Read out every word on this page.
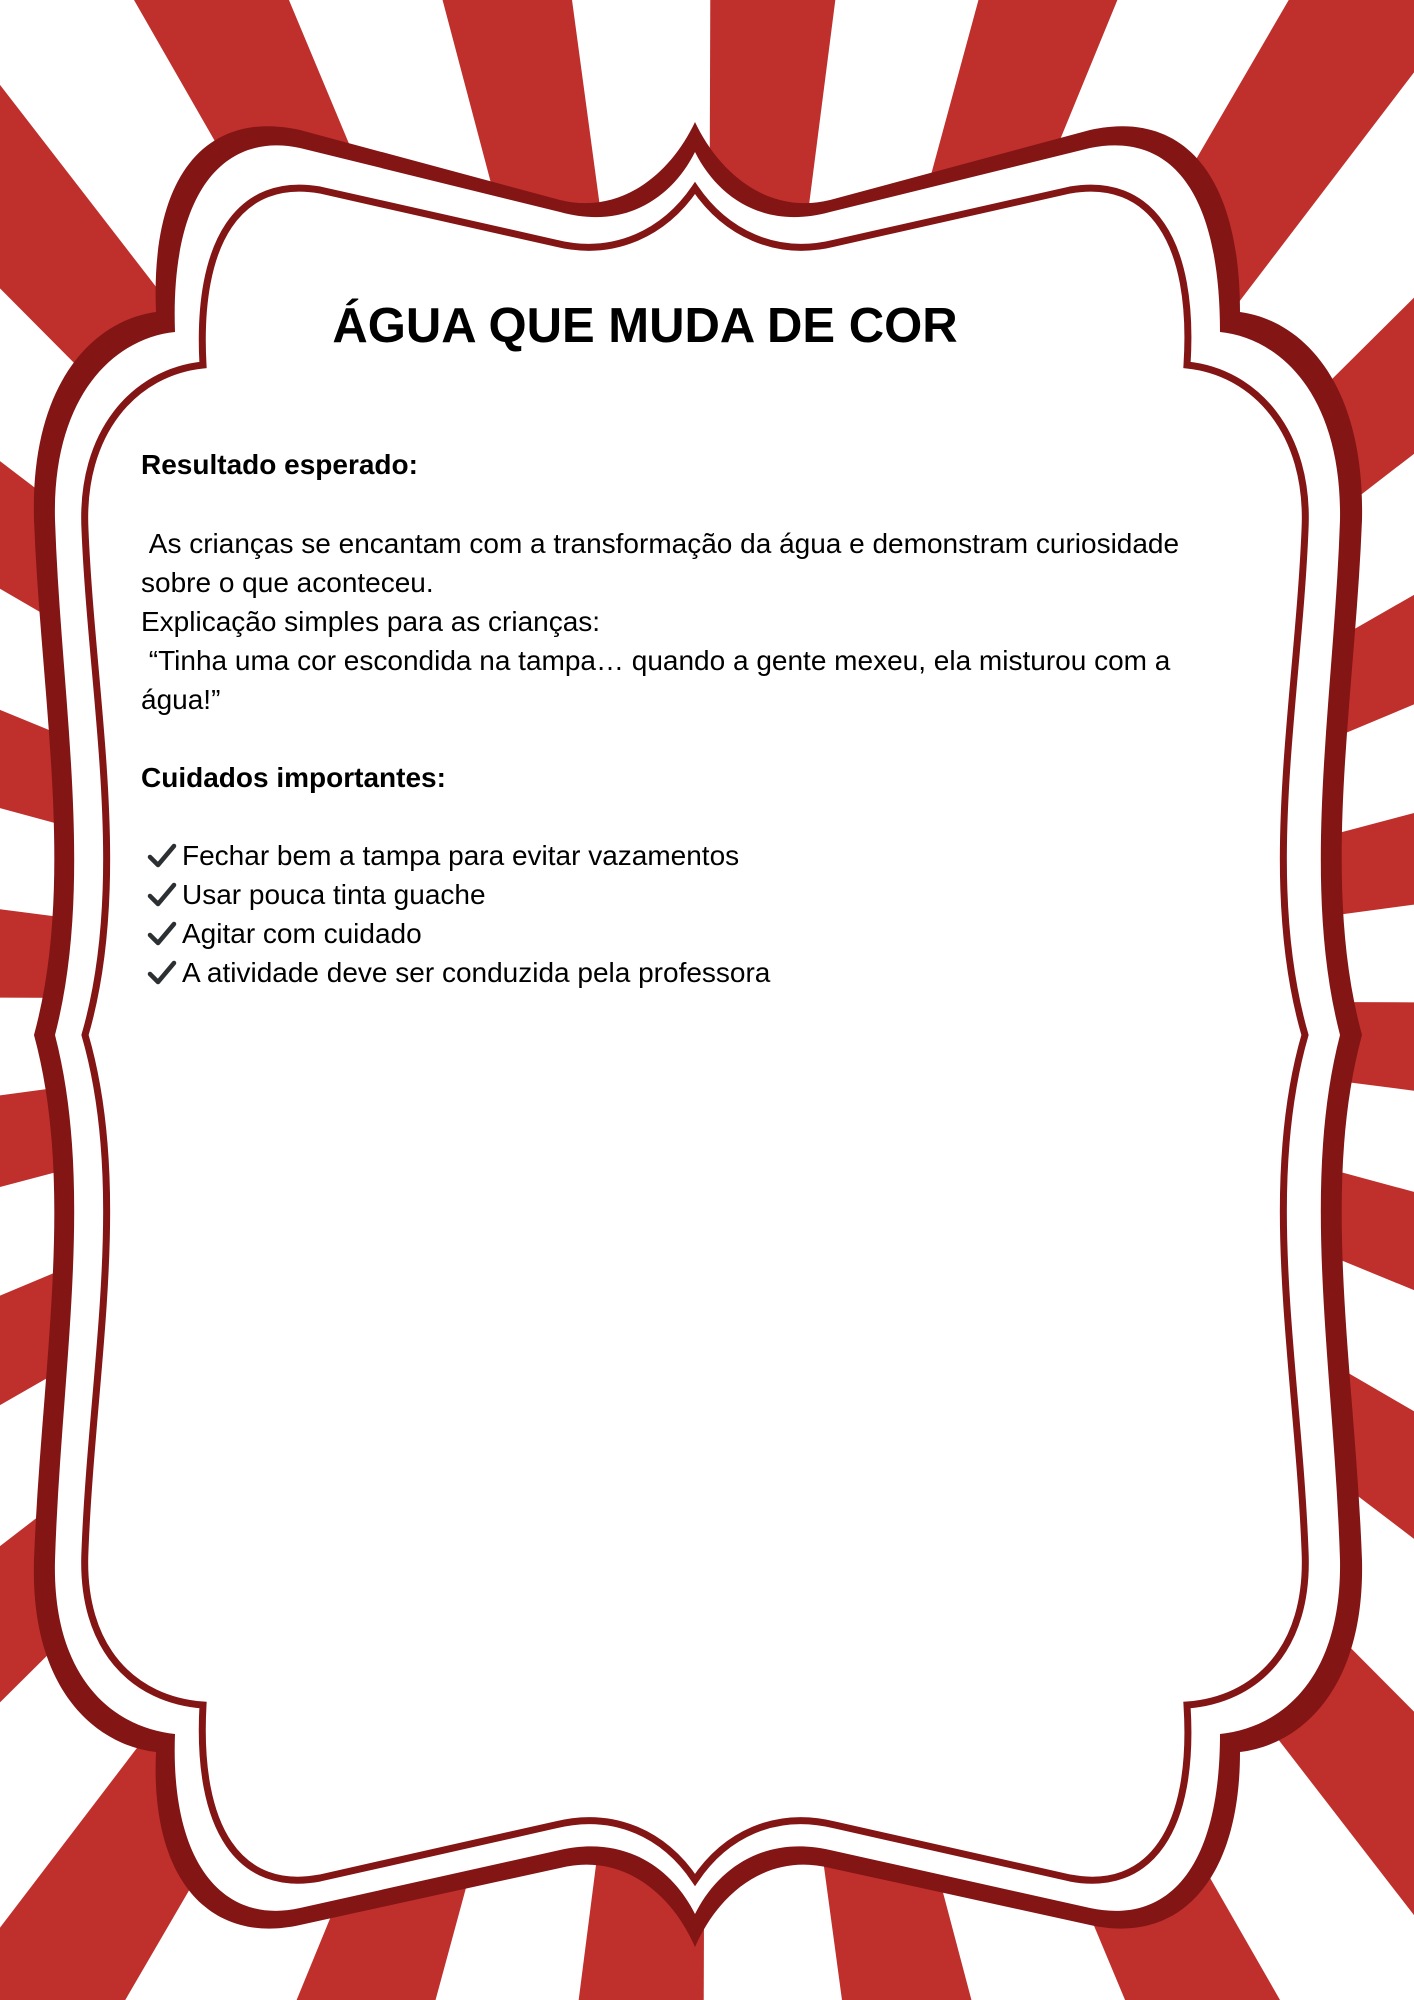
ÁGUA QUE MUDA DE COR

Resultado esperado:

As crianças se encantam com a transformação da água e demonstram curiosidade sobre o que aconteceu.

Explicação simples para as crianças:

“Tinha uma cor escondida na tampa… quando a gente mexeu, ela misturou com a água!”

Cuidados importantes:

Fechar bem a tampa para evitar vazamentos
Usar pouca tinta guache
Agitar com cuidado
A atividade deve ser conduzida pela professora
